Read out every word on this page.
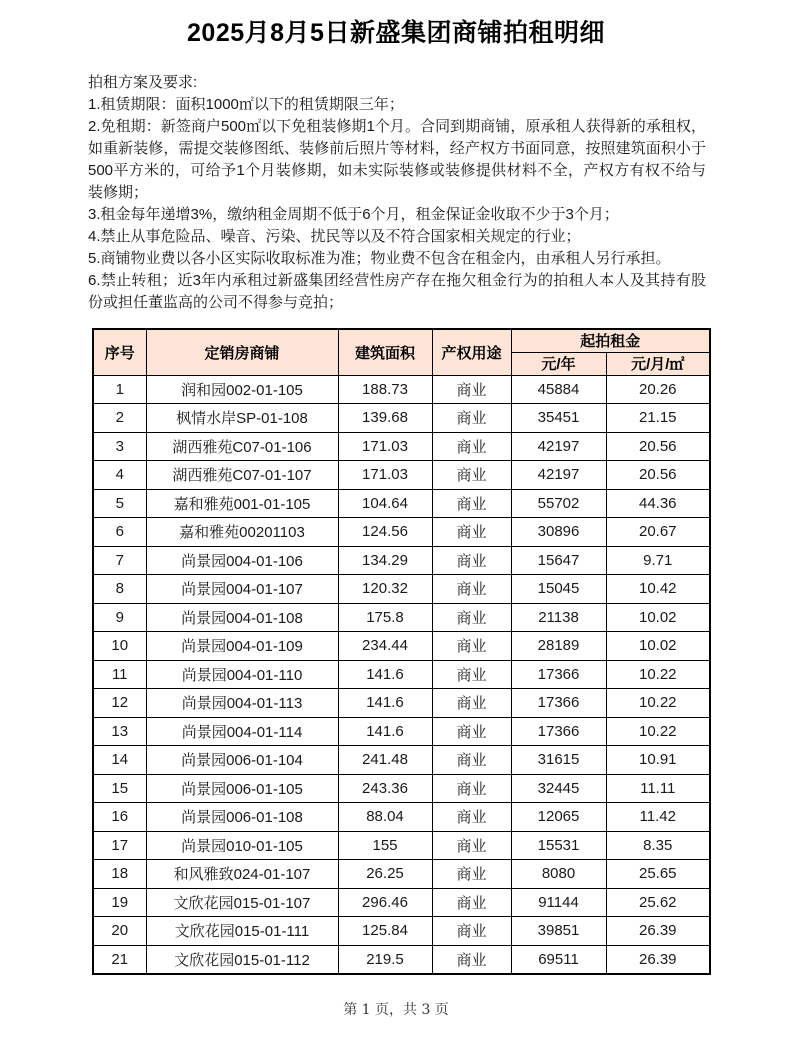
2025月8月5日新盛集团商铺拍租明细

拍租方案及要求:

1.租赁期限：面积1000㎡以下的租赁期限三年；

2.免租期：新签商户500㎡以下免租装修期1个月。合同到期商铺，原承租人获得新的承租权，如重新装修，需提交装修图纸、装修前后照片等材料，经产权方书面同意，按照建筑面积小于500平方米的，可给予1个月装修期，如未实际装修或装修提供材料不全，产权方有权不给与装修期；

3.租金每年递增3%，缴纳租金周期不低于6个月，租金保证金收取不少于3个月；

4.禁止从事危险品、噪音、污染、扰民等以及不符合国家相关规定的行业；

5.商铺物业费以各小区实际收取标准为准；物业费不包含在租金内，由承租人另行承担。

6.禁止转租；近3年内承租过新盛集团经营性房产存在拖欠租金行为的拍租人本人及其持有股份或担任董监高的公司不得参与竞拍；

序号	定销房商铺	建筑面积	产权用途	起拍租金	
				元/年	元/月/㎡
1	润和园002-01-105	188.73	商业	45884	20.26
2	枫情水岸SP-01-108	139.68	商业	35451	21.15
3	湖西雅苑C07-01-106	171.03	商业	42197	20.56
4	湖西雅苑C07-01-107	171.03	商业	42197	20.56
5	嘉和雅苑001-01-105	104.64	商业	55702	44.36
6	嘉和雅苑00201103	124.56	商业	30896	20.67
7	尚景园004-01-106	134.29	商业	15647	9.71
8	尚景园004-01-107	120.32	商业	15045	10.42
9	尚景园004-01-108	175.8	商业	21138	10.02
10	尚景园004-01-109	234.44	商业	28189	10.02
11	尚景园004-01-110	141.6	商业	17366	10.22
12	尚景园004-01-113	141.6	商业	17366	10.22
13	尚景园004-01-114	141.6	商业	17366	10.22
14	尚景园006-01-104	241.48	商业	31615	10.91
15	尚景园006-01-105	243.36	商业	32445	11.11
16	尚景园006-01-108	88.04	商业	12065	11.42
17	尚景园010-01-105	155	商业	15531	8.35
18	和风雅致024-01-107	26.25	商业	8080	25.65
19	文欣花园015-01-107	296.46	商业	91144	25.62
20	文欣花园015-01-111	125.84	商业	39851	26.39
21	文欣花园015-01-112	219.5	商业	69511	26.39
第 1 页，共 3 页
